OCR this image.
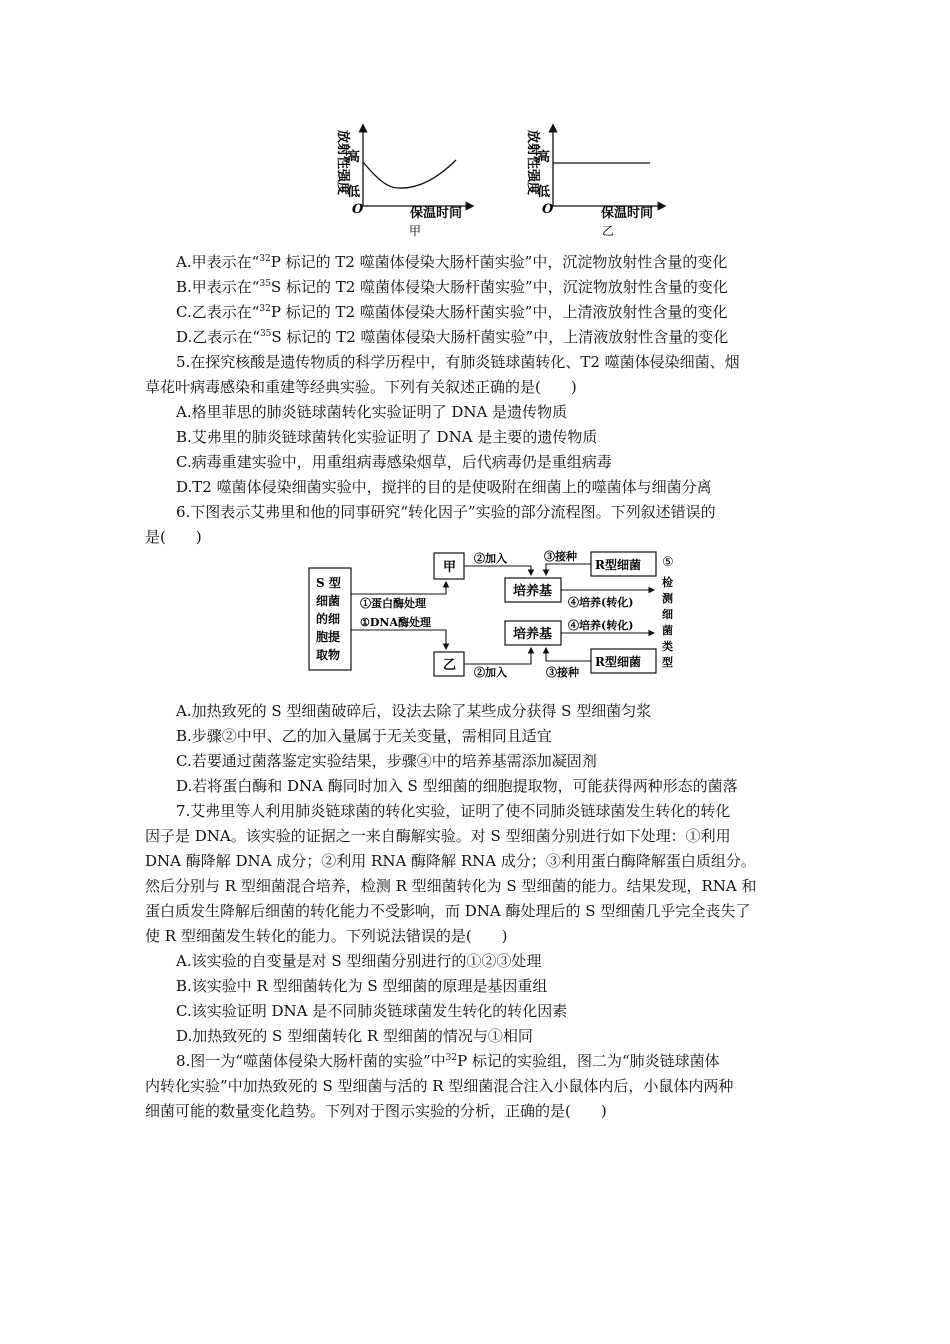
放射性强度
高
低
O	保温时间
甲
放射性强度
高
低
O	保温时间
乙
A.甲表示在“$^{32}$P 标记的 T2 噬菌体侵染大肠杆菌实验”中，沉淀物放射性含量的变化
B.甲表示在“$^{35}$S 标记的 T2 噬菌体侵染大肠杆菌实验”中，沉淀物放射性含量的变化
C.乙表示在“$^{32}$P 标记的 T2 噬菌体侵染大肠杆菌实验”中，上清液放射性含量的变化
D.乙表示在“$^{35}$S 标记的 T2 噬菌体侵染大肠杆菌实验”中，上清液放射性含量的变化
5.在探究核酸是遗传物质的科学历程中，有肺炎链球菌转化、T2 噬菌体侵染细菌、烟
草花叶病毒感染和重建等经典实验。下列有关叙述正确的是(　　)
A.格里菲思的肺炎链球菌转化实验证明了 DNA 是遗传物质
B.艾弗里的肺炎链球菌转化实验证明了 DNA 是主要的遗传物质
C.病毒重建实验中，用重组病毒感染烟草，后代病毒仍是重组病毒
D.T2 噬菌体侵染细菌实验中，搅拌的目的是使吸附在细菌上的噬菌体与细菌分离
6.下图表示艾弗里和他的同事研究“转化因子”实验的部分流程图。下列叙述错误的
是(　　)
S 型
细菌
的细
胞提
取物
①蛋白酶处理
甲
②加入
培养基
R型细菌
③接种
④培养(转化)
①DNA酶处理
乙 ②加入
培养基
R型细菌
③接种
④培养(转化)
⑤
检
测
细
菌
类
型
A.加热致死的 S 型细菌破碎后，设法去除了某些成分获得 S 型细菌匀浆
B.步骤②中甲、乙的加入量属于无关变量，需相同且适宜
C.若要通过菌落鉴定实验结果，步骤④中的培养基需添加凝固剂
D.若将蛋白酶和 DNA 酶同时加入 S 型细菌的细胞提取物，可能获得两种形态的菌落
7.艾弗里等人利用肺炎链球菌的转化实验，证明了使不同肺炎链球菌发生转化的转化
因子是 DNA。该实验的证据之一来自酶解实验。对 S 型细菌分别进行如下处理：①利用
DNA 酶降解 DNA 成分；②利用 RNA 酶降解 RNA 成分；③利用蛋白酶降解蛋白质组分。
然后分别与 R 型细菌混合培养，检测 R 型细菌转化为 S 型细菌的能力。结果发现，RNA 和
蛋白质发生降解后细菌的转化能力不受影响，而 DNA 酶处理后的 S 型细菌几乎完全丧失了
使 R 型细菌发生转化的能力。下列说法错误的是(　　)
A.该实验的自变量是对 S 型细菌分别进行的①②③处理
B.该实验中 R 型细菌转化为 S 型细菌的原理是基因重组
C.该实验证明 DNA 是不同肺炎链球菌发生转化的转化因素
D.加热致死的 S 型细菌转化 R 型细菌的情况与①相同
8.图一为“噬菌体侵染大肠杆菌的实验”中$^{32}$P 标记的实验组，图二为“肺炎链球菌体
内转化实验”中加热致死的 S 型细菌与活的 R 型细菌混合注入小鼠体内后，小鼠体内两种
细菌可能的数量变化趋势。下列对于图示实验的分析，正确的是(　　)
